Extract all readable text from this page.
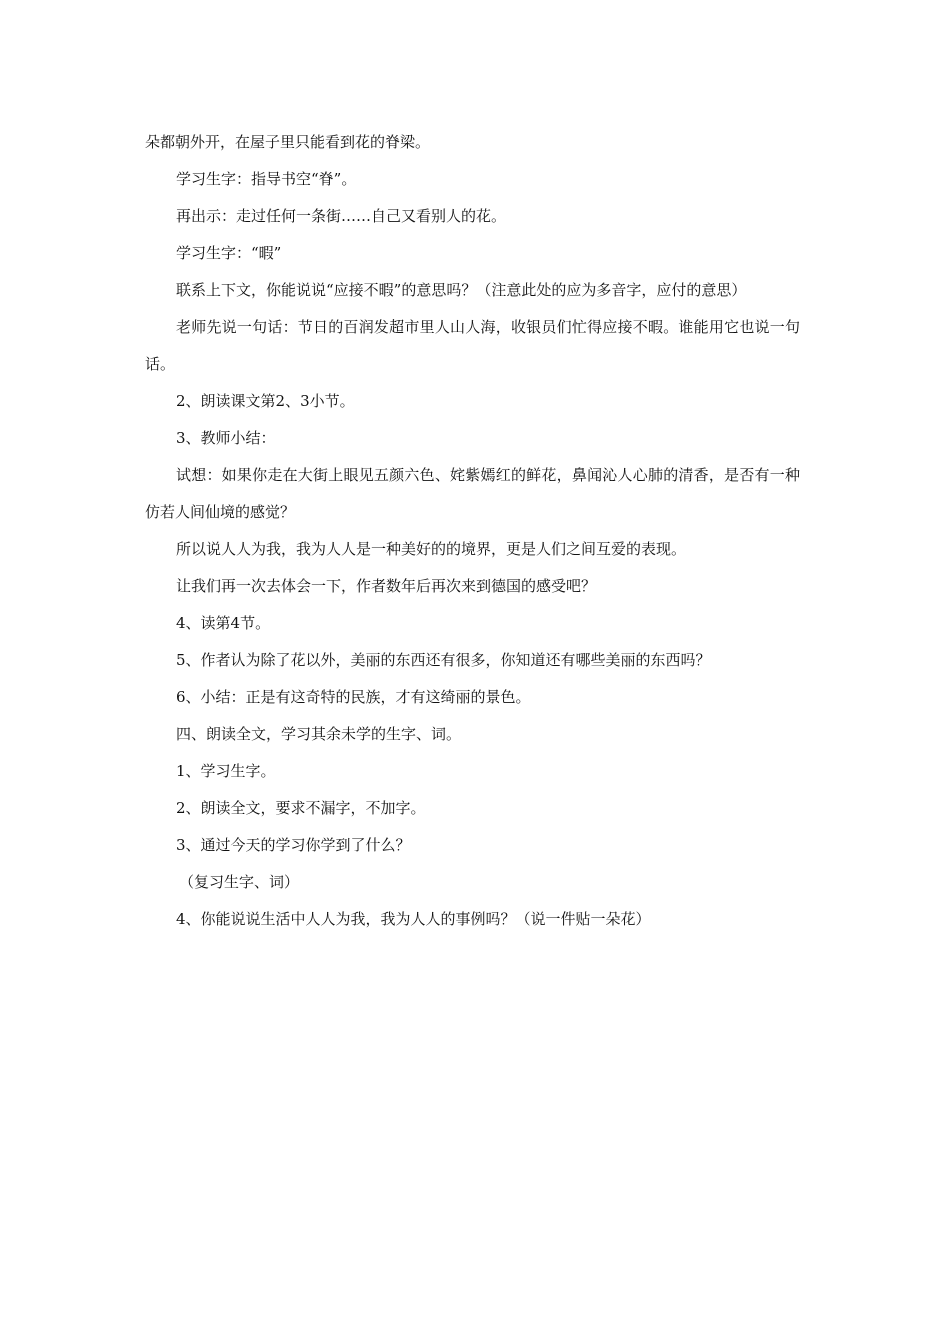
朵都朝外开，在屋子里只能看到花的脊梁。

学习生字：指导书空“脊”。

再出示：走过任何一条街……自己又看别人的花。

学习生字：“暇”

联系上下文，你能说说“应接不暇”的意思吗？（注意此处的应为多音字，应付的意思）

老师先说一句话：节日的百润发超市里人山人海，收银员们忙得应接不暇。谁能用它也说一句话。

2、朗读课文第2、3小节。

3、教师小结：

试想：如果你走在大街上眼见五颜六色、姹紫嫣红的鲜花，鼻闻沁人心肺的清香，是否有一种仿若人间仙境的感觉？

所以说人人为我，我为人人是一种美好的的境界，更是人们之间互爱的表现。

让我们再一次去体会一下，作者数年后再次来到德国的感受吧？

4、读第4节。

5、作者认为除了花以外，美丽的东西还有很多，你知道还有哪些美丽的东西吗？

6、小结：正是有这奇特的民族，才有这绮丽的景色。

四、朗读全文，学习其余未学的生字、词。

1、学习生字。

2、朗读全文，要求不漏字，不加字。

3、通过今天的学习你学到了什么？

（复习生字、词）

4、你能说说生活中人人为我，我为人人的事例吗？（说一件贴一朵花）
